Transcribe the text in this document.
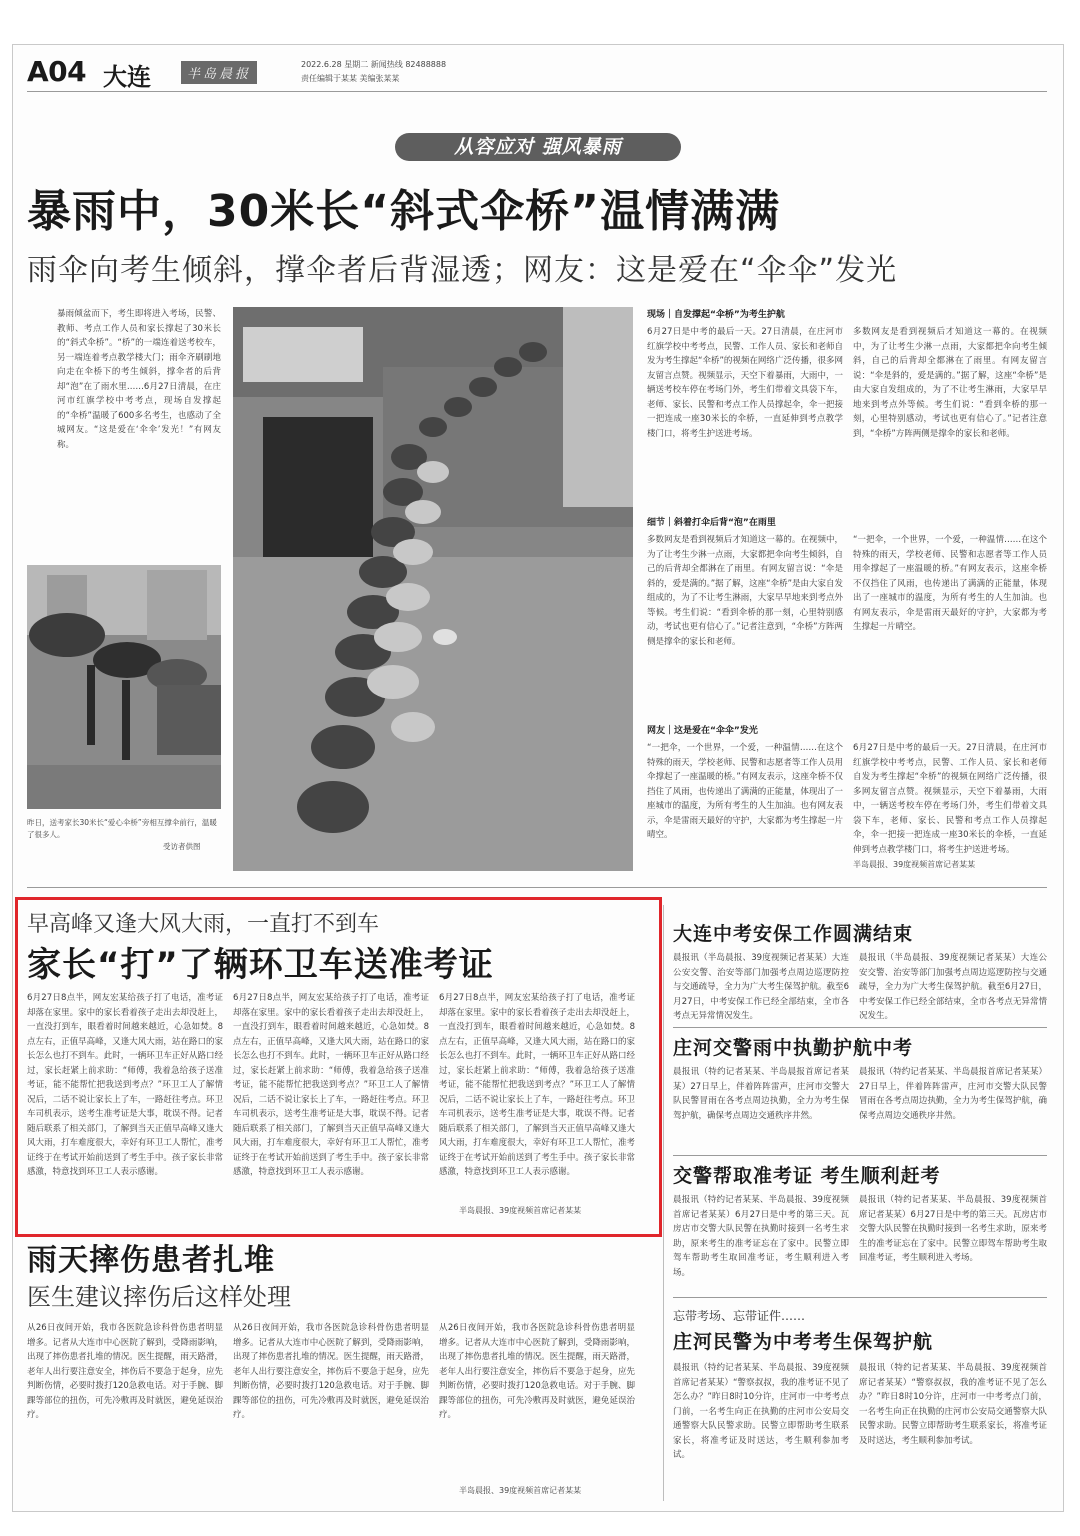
A04 大连	半岛晨报
2022.6.28 星期二 新闻热线 82488888
责任编辑于某某 美编张某某
从容应对 强风暴雨
暴雨中，30米长“斜式伞桥”温情满满
雨伞向考生倾斜，撑伞者后背湿透；网友：这是爱在“伞伞”发光
暴雨倾盆而下，考生即将进入考场，民警、教师、考点工作人员和家长撑起了30米长的“斜式伞桥”。“桥”的一端连着送考校车，另一端连着考点教学楼大门；雨伞齐刷刷地向走在伞桥下的考生倾斜，撑伞者的后背却“泡”在了雨水里……6月27日清晨，在庄河市红旗学校中考考点，现场自发撑起的“伞桥”温暖了600多名考生，也感动了全城网友。“这是爱在‘伞伞’发光！”有网友称。
昨日，送考家长30米长“爱心伞桥”旁相互撑伞前行，温暖了很多人。
受访者供图
现场｜自发撑起“伞桥”为考生护航
6月27日是中考的最后一天。27日清晨，在庄河市红旗学校中考考点，民警、工作人员、家长和老师自发为考生撑起“伞桥”的视频在网络广泛传播，很多网友留言点赞。视频显示，天空下着暴雨，大雨中，一辆送考校车停在考场门外，考生们带着文具袋下车，老师、家长、民警和考点工作人员撑起伞，伞一把接一把连成一座30米长的伞桥，一直延伸到考点教学楼门口，将考生护送进考场。
多数网友是看到视频后才知道这一幕的。在视频中，为了让考生少淋一点雨，大家都把伞向考生倾斜，自己的后背却全都淋在了雨里。有网友留言说：“伞是斜的，爱是满的。”据了解，这座“伞桥”是由大家自发组成的，为了不让考生淋雨，大家早早地来到考点外等候。考生们说：“看到伞桥的那一刻，心里特别感动，考试也更有信心了。”记者注意到，“伞桥”方阵两侧是撑伞的家长和老师。
细节｜斜着打伞后背“泡”在雨里
多数网友是看到视频后才知道这一幕的。在视频中，为了让考生少淋一点雨，大家都把伞向考生倾斜，自己的后背却全都淋在了雨里。有网友留言说：“伞是斜的，爱是满的。”据了解，这座“伞桥”是由大家自发组成的，为了不让考生淋雨，大家早早地来到考点外等候。考生们说：“看到伞桥的那一刻，心里特别感动，考试也更有信心了。”记者注意到，“伞桥”方阵两侧是撑伞的家长和老师。
“一把伞，一个世界，一个爱，一种温情……在这个特殊的雨天，学校老师、民警和志愿者等工作人员用伞撑起了一座温暖的桥。”有网友表示，这座伞桥不仅挡住了风雨，也传递出了满满的正能量，体现出了一座城市的温度，为所有考生的人生加油。也有网友表示，伞是雷雨天最好的守护，大家都为考生撑起一片晴空。
网友｜这是爱在“伞伞”发光
“一把伞，一个世界，一个爱，一种温情……在这个特殊的雨天，学校老师、民警和志愿者等工作人员用伞撑起了一座温暖的桥。”有网友表示，这座伞桥不仅挡住了风雨，也传递出了满满的正能量，体现出了一座城市的温度，为所有考生的人生加油。也有网友表示，伞是雷雨天最好的守护，大家都为考生撑起一片晴空。
6月27日是中考的最后一天。27日清晨，在庄河市红旗学校中考考点，民警、工作人员、家长和老师自发为考生撑起“伞桥”的视频在网络广泛传播，很多网友留言点赞。视频显示，天空下着暴雨，大雨中，一辆送考校车停在考场门外，考生们带着文具袋下车，老师、家长、民警和考点工作人员撑起伞，伞一把接一把连成一座30米长的伞桥，一直延伸到考点教学楼门口，将考生护送进考场。
半岛晨报、39度视频首席记者某某
早高峰又逢大风大雨，一直打不到车
家长“打”了辆环卫车送准考证
6月27日8点半，网友宏某给孩子打了电话，准考证却落在家里。家中的家长看着孩子走出去却没赶上，一直没打到车，眼看着时间越来越近，心急如焚。8点左右，正值早高峰，又逢大风大雨，站在路口的家长怎么也打不到车。此时，一辆环卫车正好从路口经过，家长赶紧上前求助：“师傅，我着急给孩子送准考证，能不能帮忙把我送到考点？”环卫工人了解情况后，二话不说让家长上了车，一路赶往考点。环卫车司机表示，送考生准考证是大事，耽误不得。记者随后联系了相关部门，了解到当天正值早高峰又逢大风大雨，打车难度很大，幸好有环卫工人帮忙，准考证终于在考试开始前送到了考生手中。孩子家长非常感激，特意找到环卫工人表示感谢。
6月27日8点半，网友宏某给孩子打了电话，准考证却落在家里。家中的家长看着孩子走出去却没赶上，一直没打到车，眼看着时间越来越近，心急如焚。8点左右，正值早高峰，又逢大风大雨，站在路口的家长怎么也打不到车。此时，一辆环卫车正好从路口经过，家长赶紧上前求助：“师傅，我着急给孩子送准考证，能不能帮忙把我送到考点？”环卫工人了解情况后，二话不说让家长上了车，一路赶往考点。环卫车司机表示，送考生准考证是大事，耽误不得。记者随后联系了相关部门，了解到当天正值早高峰又逢大风大雨，打车难度很大，幸好有环卫工人帮忙，准考证终于在考试开始前送到了考生手中。孩子家长非常感激，特意找到环卫工人表示感谢。
6月27日8点半，网友宏某给孩子打了电话，准考证却落在家里。家中的家长看着孩子走出去却没赶上，一直没打到车，眼看着时间越来越近，心急如焚。8点左右，正值早高峰，又逢大风大雨，站在路口的家长怎么也打不到车。此时，一辆环卫车正好从路口经过，家长赶紧上前求助：“师傅，我着急给孩子送准考证，能不能帮忙把我送到考点？”环卫工人了解情况后，二话不说让家长上了车，一路赶往考点。环卫车司机表示，送考生准考证是大事，耽误不得。记者随后联系了相关部门，了解到当天正值早高峰又逢大风大雨，打车难度很大，幸好有环卫工人帮忙，准考证终于在考试开始前送到了考生手中。孩子家长非常感激，特意找到环卫工人表示感谢。
半岛晨报、39度视频首席记者某某
大连中考安保工作圆满结束
晨报讯（半岛晨报、39度视频记者某某）大连公安交警、治安等部门加强考点周边巡逻防控与交通疏导，全力为广大考生保驾护航。截至6月27日，中考安保工作已经全部结束，全市各考点无异常情况发生。
晨报讯（半岛晨报、39度视频记者某某）大连公安交警、治安等部门加强考点周边巡逻防控与交通疏导，全力为广大考生保驾护航。截至6月27日，中考安保工作已经全部结束，全市各考点无异常情况发生。
庄河交警雨中执勤护航中考
晨报讯（特约记者某某、半岛晨报首席记者某某）27日早上，伴着阵阵雷声，庄河市交警大队民警冒雨在各考点周边执勤，全力为考生保驾护航，确保考点周边交通秩序井然。
晨报讯（特约记者某某、半岛晨报首席记者某某）27日早上，伴着阵阵雷声，庄河市交警大队民警冒雨在各考点周边执勤，全力为考生保驾护航，确保考点周边交通秩序井然。
交警帮取准考证 考生顺利赶考
晨报讯（特约记者某某、半岛晨报、39度视频首席记者某某）6月27日是中考的第三天。瓦房店市交警大队民警在执勤时接到一名考生求助，原来考生的准考证忘在了家中。民警立即驾车帮助考生取回准考证，考生顺利进入考场。
晨报讯（特约记者某某、半岛晨报、39度视频首席记者某某）6月27日是中考的第三天。瓦房店市交警大队民警在执勤时接到一名考生求助，原来考生的准考证忘在了家中。民警立即驾车帮助考生取回准考证，考生顺利进入考场。
忘带考场、忘带证件……
庄河民警为中考考生保驾护航
晨报讯（特约记者某某、半岛晨报、39度视频首席记者某某）“警察叔叔，我的准考证不见了怎么办？”昨日8时10分许，庄河市一中考考点门前，一名考生向正在执勤的庄河市公安局交通警察大队民警求助。民警立即帮助考生联系家长，将准考证及时送达，考生顺利参加考试。
晨报讯（特约记者某某、半岛晨报、39度视频首席记者某某）“警察叔叔，我的准考证不见了怎么办？”昨日8时10分许，庄河市一中考考点门前，一名考生向正在执勤的庄河市公安局交通警察大队民警求助。民警立即帮助考生联系家长，将准考证及时送达，考生顺利参加考试。
雨天摔伤患者扎堆
医生建议摔伤后这样处理
从26日夜间开始，我市各医院急诊科骨伤患者明显增多。记者从大连市中心医院了解到，受降雨影响，出现了摔伤患者扎堆的情况。医生提醒，雨天路滑，老年人出行要注意安全，摔伤后不要急于起身，应先判断伤情，必要时拨打120急救电话。对于手腕、脚踝等部位的扭伤，可先冷敷再及时就医，避免延误治疗。
从26日夜间开始，我市各医院急诊科骨伤患者明显增多。记者从大连市中心医院了解到，受降雨影响，出现了摔伤患者扎堆的情况。医生提醒，雨天路滑，老年人出行要注意安全，摔伤后不要急于起身，应先判断伤情，必要时拨打120急救电话。对于手腕、脚踝等部位的扭伤，可先冷敷再及时就医，避免延误治疗。
从26日夜间开始，我市各医院急诊科骨伤患者明显增多。记者从大连市中心医院了解到，受降雨影响，出现了摔伤患者扎堆的情况。医生提醒，雨天路滑，老年人出行要注意安全，摔伤后不要急于起身，应先判断伤情，必要时拨打120急救电话。对于手腕、脚踝等部位的扭伤，可先冷敷再及时就医，避免延误治疗。
半岛晨报、39度视频首席记者某某
